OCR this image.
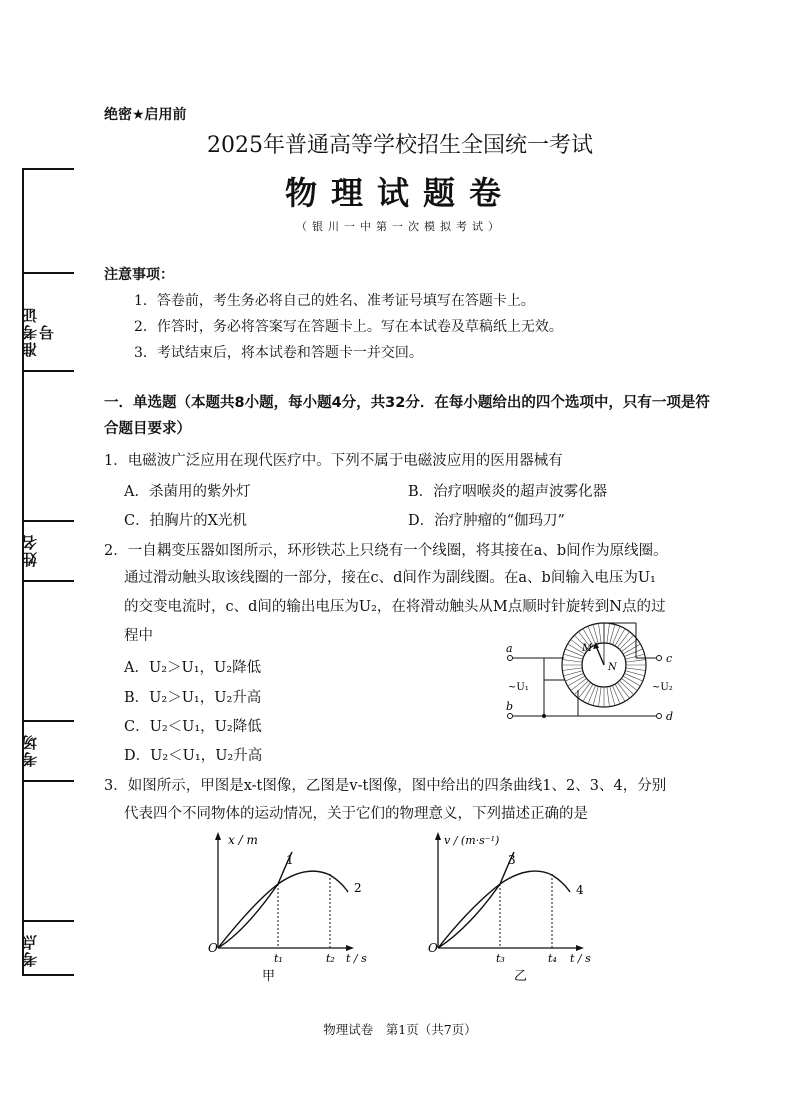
准考证号
姓名
考场
考点
绝密★启用前
2025年普通高等学校招生全国统一考试
物理试题卷
（银川一中第一次模拟考试）
注意事项：
1．答卷前，考生务必将自己的姓名、准考证号填写在答题卡上。
2．作答时，务必将答案写在答题卡上。写在本试卷及草稿纸上无效。
3．考试结束后，将本试卷和答题卡一并交回。
一．单选题（本题共8小题，每小题4分，共32分．在每小题给出的四个选项中，只有一项是符合题目要求）
1．电磁波广泛应用在现代医疗中。下列不属于电磁波应用的医用器械有
A．杀菌用的紫外灯	B．治疗咽喉炎的超声波雾化器
C．拍胸片的X光机	D．治疗肿瘤的“伽玛刀”
2．一自耦变压器如图所示，环形铁芯上只绕有一个线圈，将其接在a、b间作为原线圈。
通过滑动触头取该线圈的一部分，接在c、d间作为副线圈。在a、b间输入电压为U₁
的交变电流时，c、d间的输出电压为U₂，在将滑动触头从M点顺时针旋转到N点的过
程中
A．U₂＞U₁，U₂降低
B．U₂＞U₁，U₂升高
C．U₂＜U₁，U₂降低
D．U₂＜U₁，U₂升高
a
b
c
d
M
N
~U₁	~U₂
3．如图所示，甲图是x-t图像，乙图是v-t图像，图中给出的四条曲线1、2、3、4，分别
代表四个不同物体的运动情况，关于它们的物理意义，下列描述正确的是
x / m
t / s
O
t₁	t₂
1
2
甲
v / (m·s⁻¹)
t / s
O
t₃	t₄
3
4
乙
物理试卷　第1页（共7页）
